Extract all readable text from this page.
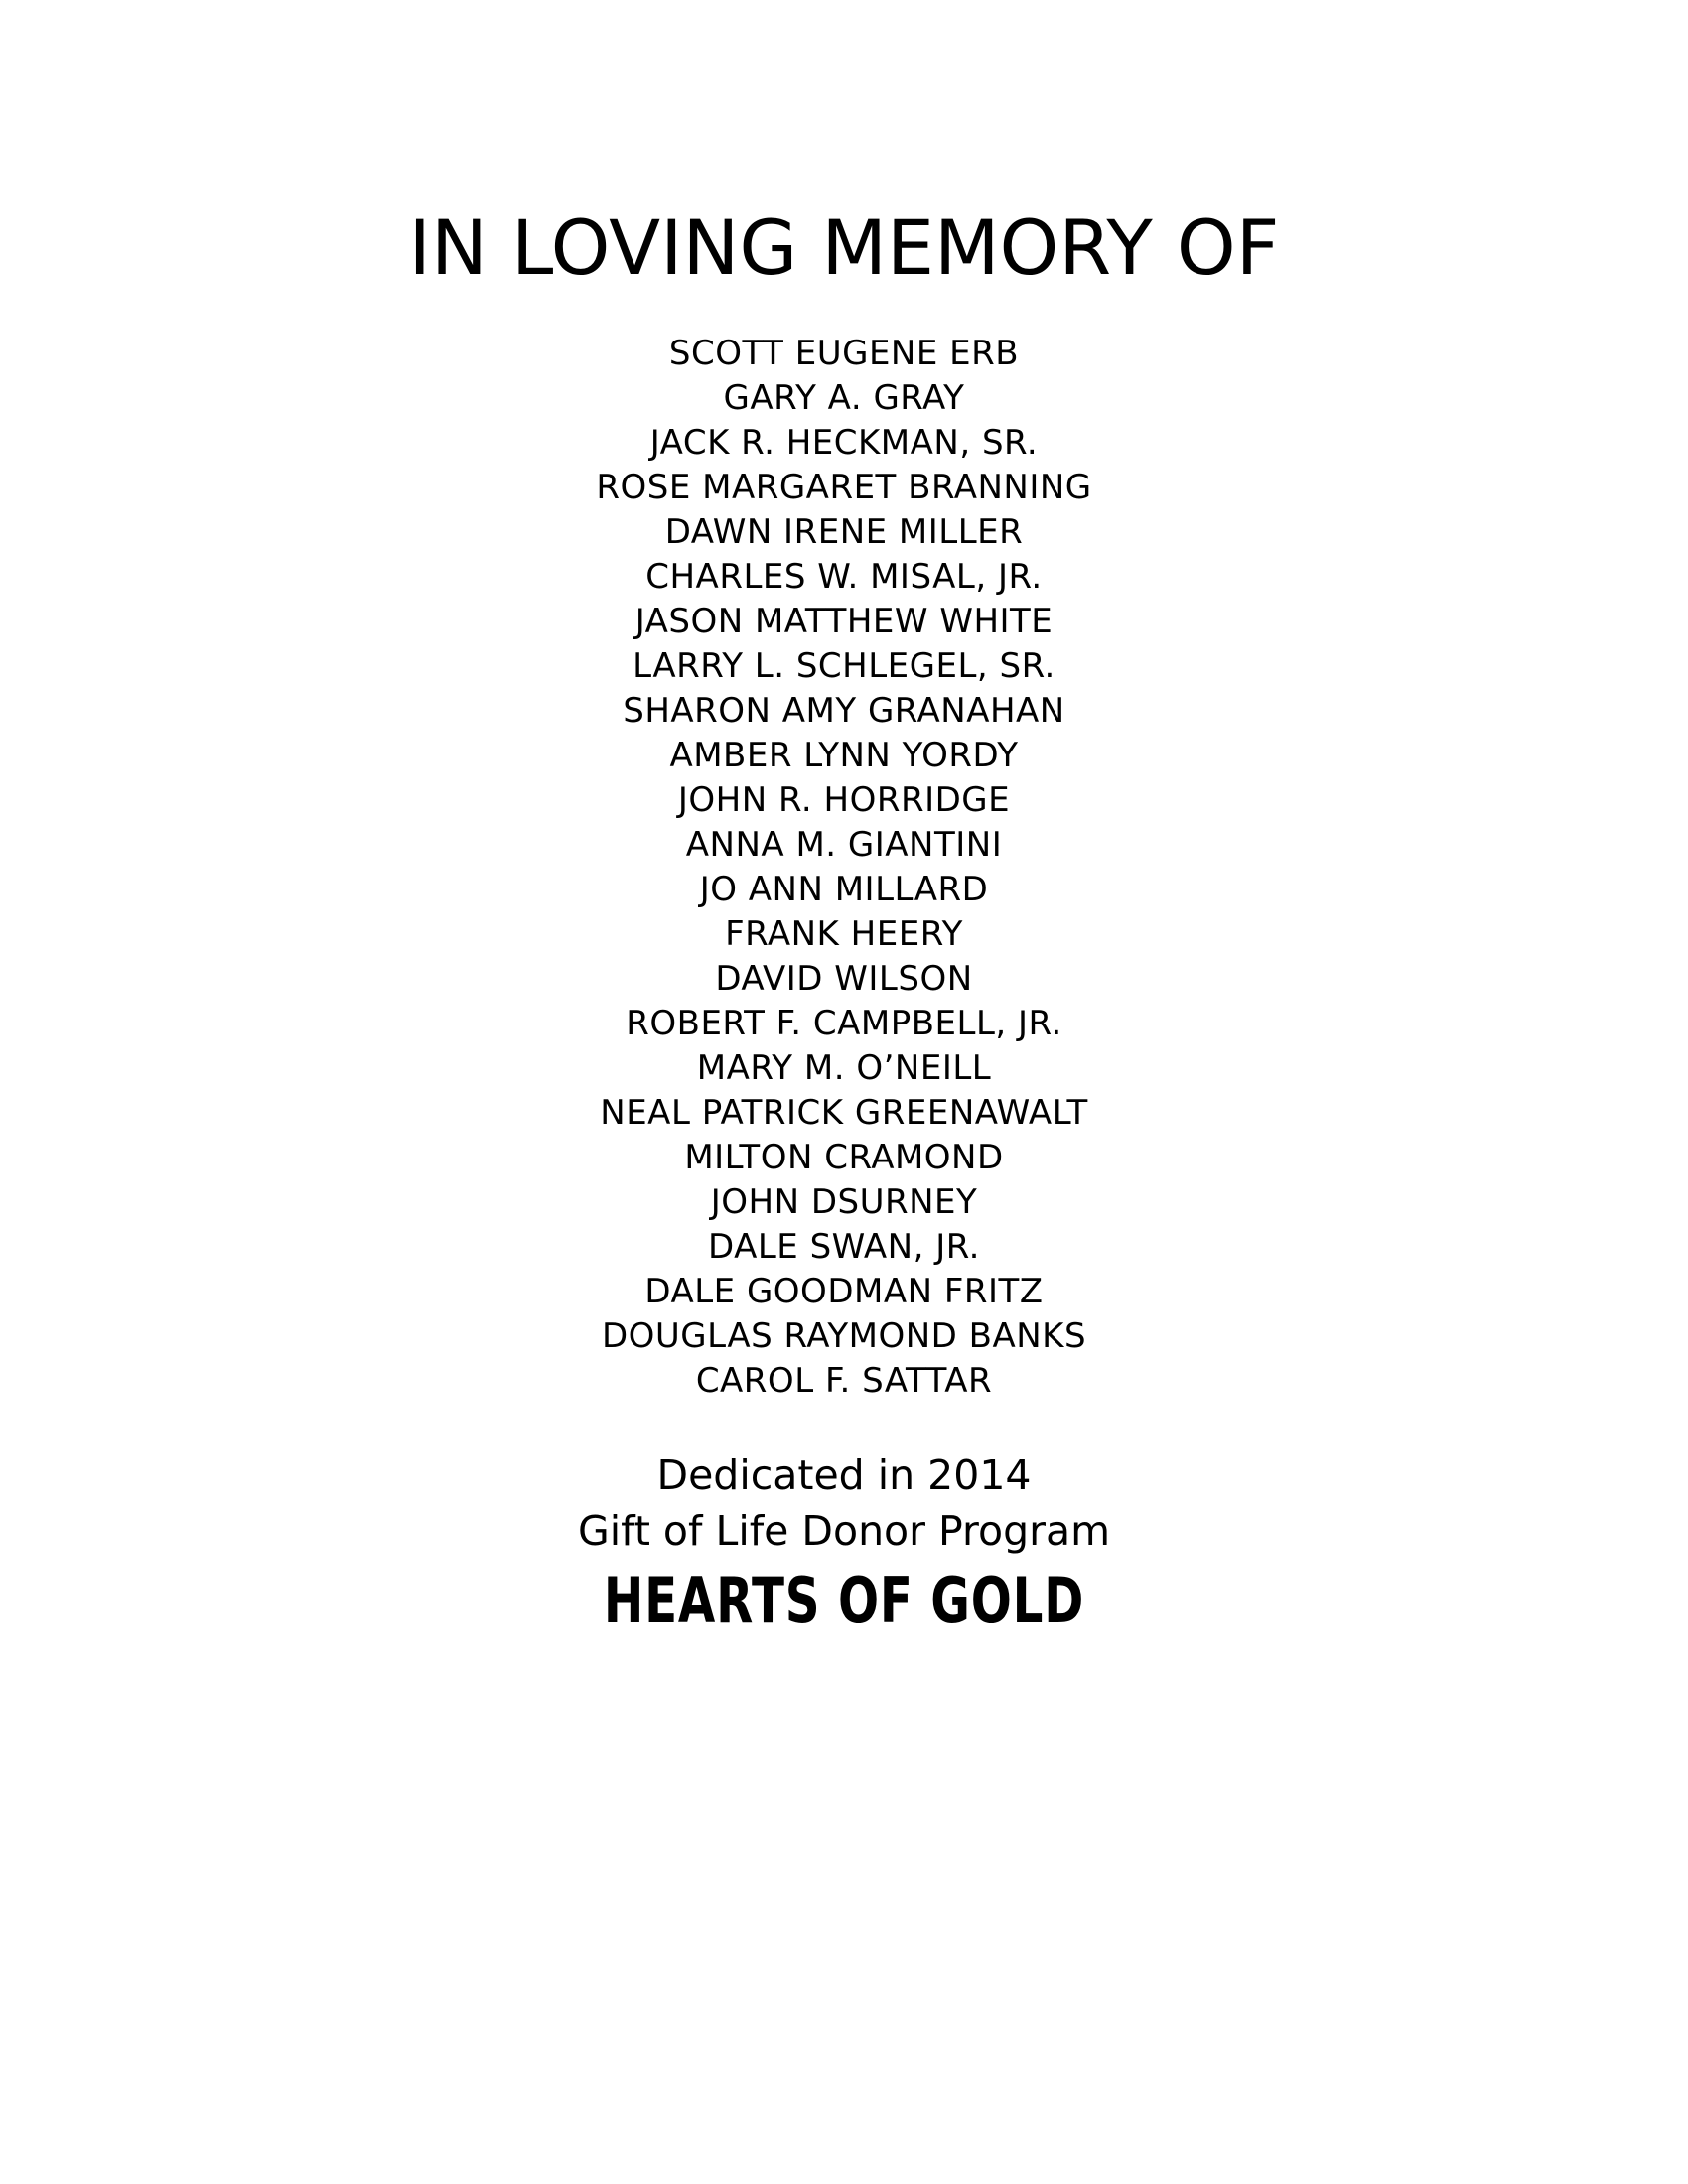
IN LOVING MEMORY OF
SCOTT EUGENE ERB
GARY A. GRAY
JACK R. HECKMAN, SR.
ROSE MARGARET BRANNING
DAWN IRENE MILLER
CHARLES W. MISAL, JR.
JASON MATTHEW WHITE
LARRY L. SCHLEGEL, SR.
SHARON AMY GRANAHAN
AMBER LYNN YORDY
JOHN R. HORRIDGE
ANNA M. GIANTINI
JO ANN MILLARD
FRANK HEERY
DAVID WILSON
ROBERT F. CAMPBELL, JR.
MARY M. O’NEILL
NEAL PATRICK GREENAWALT
MILTON CRAMOND
JOHN DSURNEY
DALE SWAN, JR.
DALE GOODMAN FRITZ
DOUGLAS RAYMOND BANKS
CAROL F. SATTAR
Dedicated in 2014
Gift of Life Donor Program
HEARTS OF GOLD
